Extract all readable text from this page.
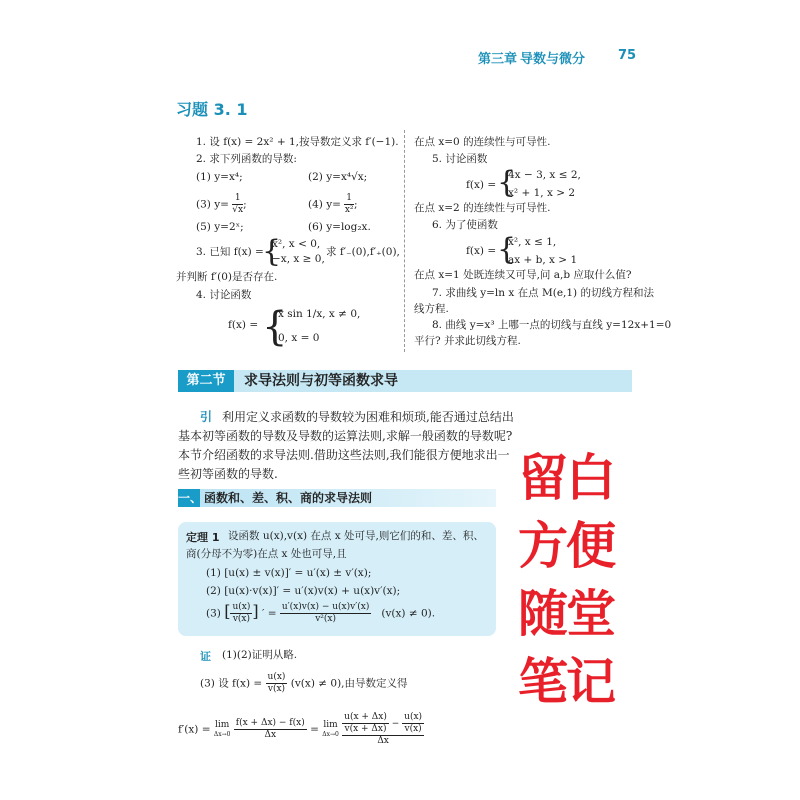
第三章 导数与微分	75
习题 3. 1
1. 设 f(x) = 2x² + 1,按导数定义求 f′(−1).
2. 求下列函数的导数:
(1) y=x⁴;	(2) y=x⁴√x;
(3) $y= \frac{1}{√x}$;	(4) $y= \frac{1}{\text{x²}}$;
(5) y=2ˣ;	(6) y=log₂x.
3. 已知 f(x) =
{
x², x < 0,
−x, x ≥ 0,
求 f′₋(0),f′₊(0),
并判断 f′(0)是否存在.
4. 讨论函数
f(x) = {
x sin 1/x, x ≠ 0,
0, x = 0
在点 x=0 的连续性与可导性.
5. 讨论函数
f(x) = {
4x − 3, x ≤ 2,
x² + 1, x > 2
在点 x=2 的连续性与可导性.
6. 为了使函数
f(x) = {
x², x ≤ 1,
ax + b, x > 1
在点 x=1 处既连续又可导,问 a,b 应取什么值?
7. 求曲线 y=ln x 在点 M(e,1) 的切线方程和法
线方程.
8. 曲线 y=x³ 上哪一点的切线与直线 y=12x+1=0
平行? 并求此切线方程.
第二节	求导法则与初等函数求导
引 利用定义求函数的导数较为困难和烦琐,能否通过总结出
基本初等函数的导数及导数的运算法则,求解一般函数的导数呢?
本节介绍函数的求导法则.借助这些法则,我们能很方便地求出一
些初等函数的导数.
一、 函数和、差、积、商的求导法则
定理 1 设函数 u(x),v(x) 在点 x 处可导,则它们的和、差、积、
商(分母不为零)在点 x 处也可导,且
(1) [u(x) ± v(x)]′ = u′(x) ± v′(x);
(2) [u(x)·v(x)]′ = u′(x)v(x) + u(x)v′(x);
(3) [ $\frac{u(x)}{v(x)}$] ′ = $\frac{u'(x)v(x) - u(x)v'(x)}{\text{v²(x)}} (v(x) \ne 0)$.
证 (1)(2)证明从略.
(3) 设 $f(x) = \frac{u(x)}{v(x)} (v(x) \ne 0)$,由导数定义得
f′(x) = lim
Δx→0
$\frac{f(x + \Delta x) - f(x)}{\Delta x} = \lim$
Δx→0
$\frac{\frac{u(x + \Delta x)}{v(x + \Delta x)} - \frac{u(x)}{v(x)}}{\Delta x}$
留白
方便
随堂
笔记
